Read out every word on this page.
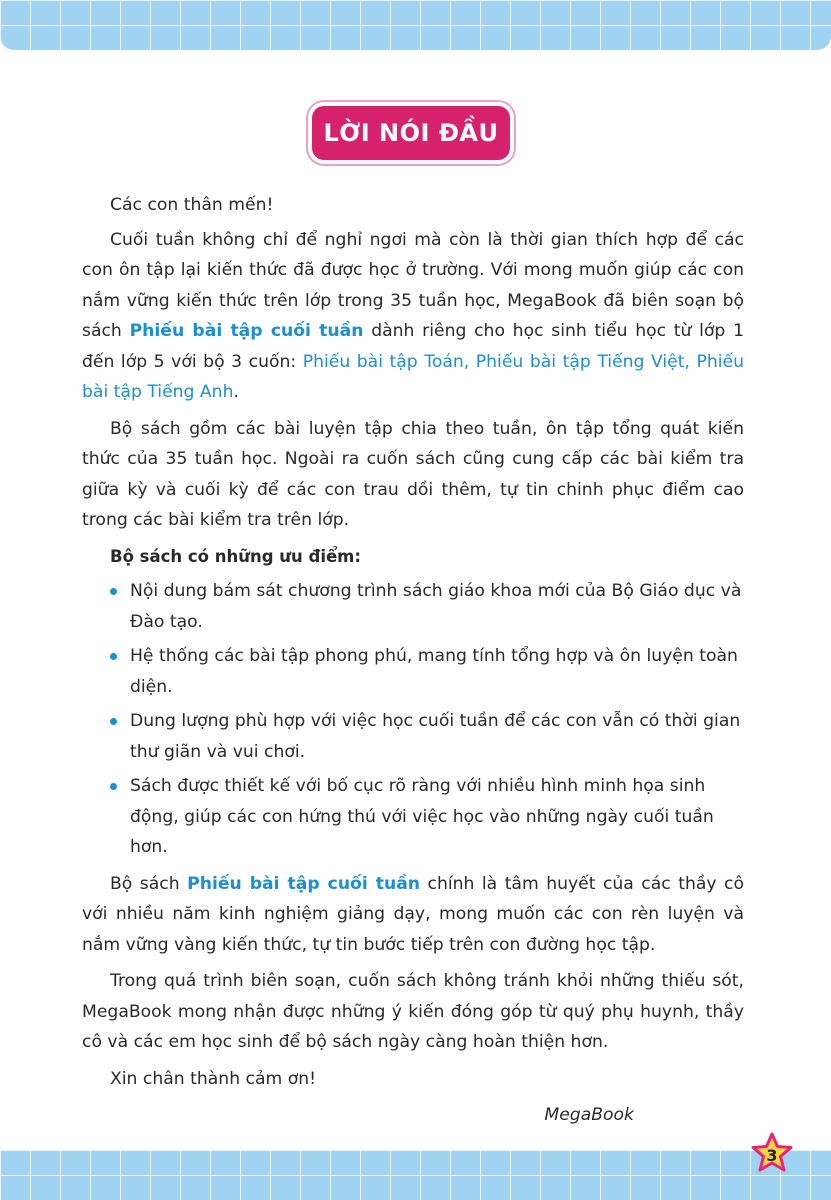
LỜI NÓI ĐẦU

Các con thân mến!

Cuối tuần không chỉ để nghỉ ngơi mà còn là thời gian thích hợp để các con ôn tập lại kiến thức đã được học ở trường. Với mong muốn giúp các con nắm vững kiến thức trên lớp trong 35 tuần học, MegaBook đã biên soạn bộ sách Phiếu bài tập cuối tuần dành riêng cho học sinh tiểu học từ lớp 1 đến lớp 5 với bộ 3 cuốn: Phiếu bài tập Toán, Phiếu bài tập Tiếng Việt, Phiếu bài tập Tiếng Anh.

Bộ sách gồm các bài luyện tập chia theo tuần, ôn tập tổng quát kiến thức của 35 tuần học. Ngoài ra cuốn sách cũng cung cấp các bài kiểm tra giữa kỳ và cuối kỳ để các con trau dồi thêm, tự tin chinh phục điểm cao trong các bài kiểm tra trên lớp.

Bộ sách có những ưu điểm:
Nội dung bám sát chương trình sách giáo khoa mới của Bộ Giáo dục và Đào tạo.
Hệ thống các bài tập phong phú, mang tính tổng hợp và ôn luyện toàn diện.
Dung lượng phù hợp với việc học cuối tuần để các con vẫn có thời gian thư giãn và vui chơi.
Sách được thiết kế với bố cục rõ ràng với nhiều hình minh họa sinh động, giúp các con hứng thú với việc học vào những ngày cuối tuần hơn.

Bộ sách Phiếu bài tập cuối tuần chính là tâm huyết của các thầy cô với nhiều năm kinh nghiệm giảng dạy, mong muốn các con rèn luyện và nắm vững vàng kiến thức, tự tin bước tiếp trên con đường học tập.

Trong quá trình biên soạn, cuốn sách không tránh khỏi những thiếu sót, MegaBook mong nhận được những ý kiến đóng góp từ quý phụ huynh, thầy cô và các em học sinh để bộ sách ngày càng hoàn thiện hơn.

Xin chân thành cảm ơn!

MegaBook
3
